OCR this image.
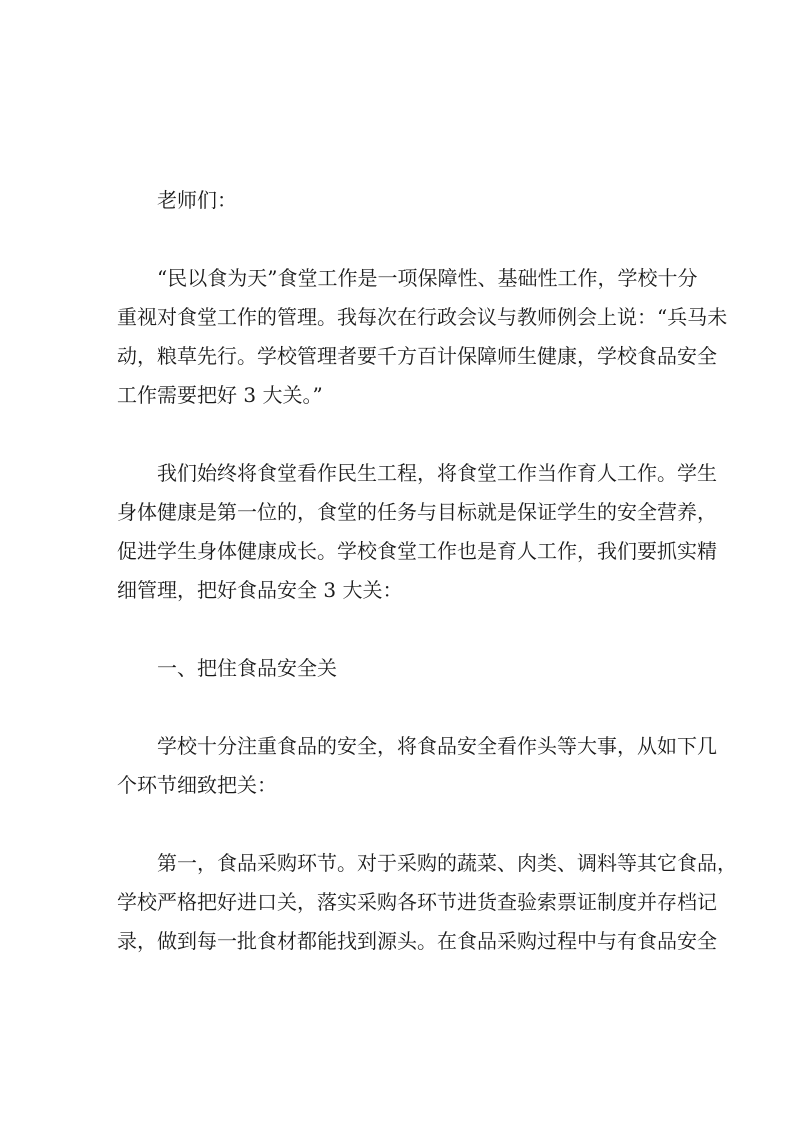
老师们：
“民以食为天”食堂工作是一项保障性、基础性工作，学校十分
重视对食堂工作的管理。我每次在行政会议与教师例会上说：“兵马未
动，粮草先行。学校管理者要千方百计保障师生健康，学校食品安全
工作需要把好 3 大关。”
我们始终将食堂看作民生工程，将食堂工作当作育人工作。学生
身体健康是第一位的，食堂的任务与目标就是保证学生的安全营养，
促进学生身体健康成长。学校食堂工作也是育人工作，我们要抓实精
细管理，把好食品安全 3 大关：
一、把住食品安全关
学校十分注重食品的安全，将食品安全看作头等大事，从如下几
个环节细致把关：
第一，食品采购环节。对于采购的蔬菜、肉类、调料等其它食品，
学校严格把好进口关，落实采购各环节进货查验索票证制度并存档记
录，做到每一批食材都能找到源头。在食品采购过程中与有食品安全
